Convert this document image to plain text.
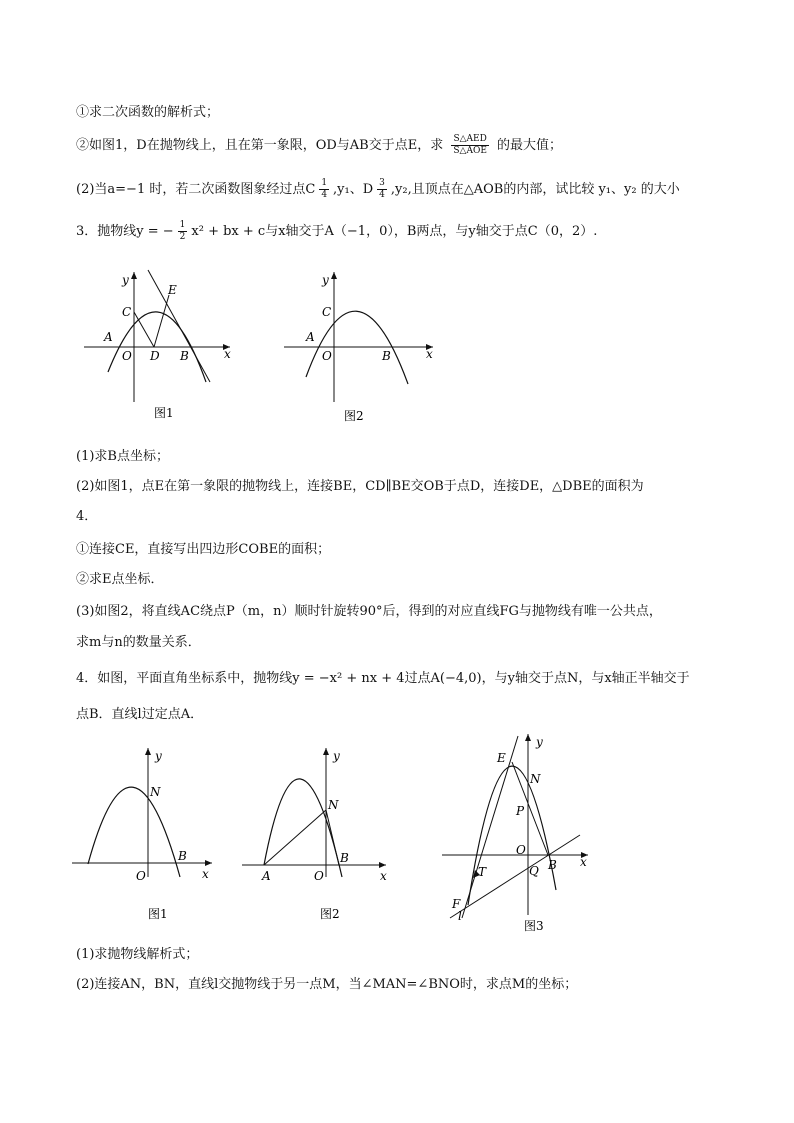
①求二次函数的解析式；
②如图1，D在抛物线上，且在第一象限，OD与AB交于点E，求 $\frac{\text{S△AED}}{\text{S△AOE}}$ 的最大值；
(2)当a=−1 时，若二次函数图象经过点C $\frac{1}{4} ,y_1$、D $\frac{3}{4} ,y_2$,且顶点在△AOB的内部，试比较 y₁、y₂ 的大小
3．抛物线y = − $\frac{1}{2} x^2$ + bx + c与x轴交于A（−1，0），B两点，与y轴交于点C（0，2）.
y
x
C
E
A
O D B
图1
y
x
C
A
O	B
图2
(1)求B点坐标；
(2)如图1，点E在第一象限的抛物线上，连接BE，CD∥BE交OB于点D，连接DE，△DBE的面积为
4．
①连接CE，直接写出四边形COBE的面积；
②求E点坐标．
(3)如图2，将直线AC绕点P（m，n）顺时针旋转90°后，得到的对应直线FG与抛物线有唯一公共点，
求m与n的数量关系．
4．如图，平面直角坐标系中，抛物线y = −x² + nx + 4过点A(−4,0)，与y轴交于点N，与x轴正半轴交于
点B．直线l过定点A．
y
x
N
B
O
图1
y
x
N
B
A	O
图2
y
x
E
N
P
O
B
Q
T
F
l
图3
(1)求抛物线解析式；
(2)连接AN，BN，直线l交抛物线于另一点M，当∠MAN=∠BNO时，求点M的坐标；
